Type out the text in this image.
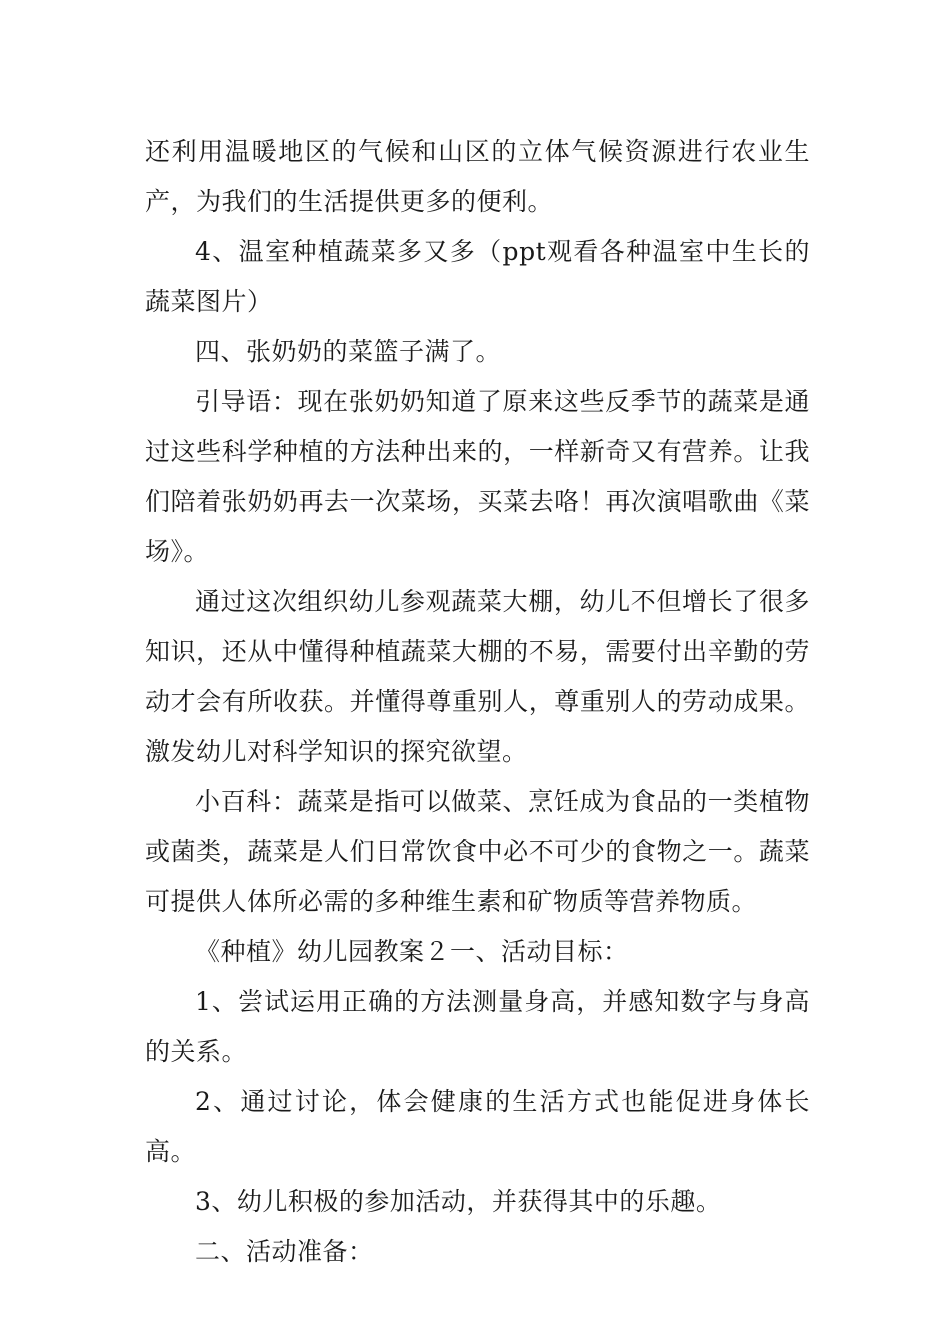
还利用温暖地区的气候和山区的立体气候资源进行农业生产，为我们的生活提供更多的便利。

4、温室种植蔬菜多又多（ppt观看各种温室中生长的蔬菜图片）

四、张奶奶的菜篮子满了。

引导语：现在张奶奶知道了原来这些反季节的蔬菜是通过这些科学种植的方法种出来的，一样新奇又有营养。让我们陪着张奶奶再去一次菜场，买菜去咯！再次演唱歌曲《菜场》。

通过这次组织幼儿参观蔬菜大棚，幼儿不但增长了很多知识，还从中懂得种植蔬菜大棚的不易，需要付出辛勤的劳动才会有所收获。并懂得尊重别人，尊重别人的劳动成果。激发幼儿对科学知识的探究欲望。

小百科：蔬菜是指可以做菜、烹饪成为食品的一类植物或菌类，蔬菜是人们日常饮食中必不可少的食物之一。蔬菜可提供人体所必需的多种维生素和矿物质等营养物质。

《种植》幼儿园教案２一、活动目标：

1、尝试运用正确的方法测量身高，并感知数字与身高的关系。

2、通过讨论，体会健康的生活方式也能促进身体长高。

3、幼儿积极的参加活动，并获得其中的乐趣。

二、活动准备：
